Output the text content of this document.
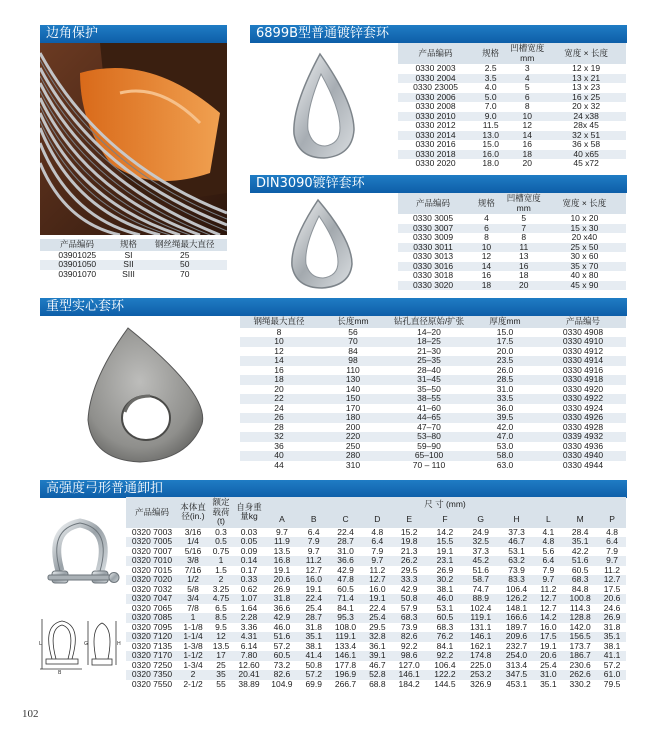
边角保护
产品编码	规格	钢丝绳最大直径
03901025	SI	25
03901050	SII	50
03901070	SIII	70
6899B型普通镀锌套环
产品编码	规格	凹槽宽度mm	宽度 × 长度
0330 2003	2.5	3	12 x 19
0330 2004	3.5	4	13 x 21
0330 23005	4.0	5	13 x 23
0330 2006	5.0	6	16 x 25
0330 2008	7.0	8	20 x 32
0330 2010	9.0	10	24 x38
0330 2012	11.5	12	28x 45
0330 2014	13.0	14	32 x 51
0330 2016	15.0	16	36 x 58
0330 2018	16.0	18	40 x65
0330 2020	18.0	20	45 x72
DIN3090镀锌套环
产品编码	规格	凹槽宽度mm	宽度 × 长度
0330 3005	4	5	10 x 20
0330 3007	6	7	15 x 30
0330 3009	8	8	20 x40
0330 3011	10	11	25 x 50
0330 3013	12	13	30 x 60
0330 3016	14	16	35 x 70
0330 3018	16	18	40 x 80
0330 3020	18	20	45 x 90
重型实心套环
钢绳最大直径	长度mm	钻孔直径原始/扩张	厚度mm	产品编号
8	56	14–20	15.0	0330 4908
10	70	18–25	17.5	0330 4910
12	84	21–30	20.0	0330 4912
14	98	25–35	23.5	0330 4914
16	110	28–40	26.0	0330 4916
18	130	31–45	28.5	0330 4918
20	140	35–50	31.0	0330 4920
22	150	38–55	33.5	0330 4922
24	170	41–60	36.0	0330 4924
26	180	44–65	39.5	0330 4926
28	200	47–70	42.0	0330 4928
32	220	53–80	47.0	0339 4932
36	250	59–90	53.0	0330 4936
40	280	65–100	58.0	0330 4940
44	310	70 – 110	63.0	0330 4944
高强度弓形普通卸扣
L
B
G	H
产品编码	本体直径(in.)	额定载荷(t)	自身重量kg	尺 寸 (mm)										
				A	B	C	D	E	F	G	H	L	M	P
0320 7003	3/16	0.3	0.03	9.7	6.4	22.4	4.8	15.2	14.2	24.9	37.3	4.1	28.4	4.8
0320 7005	1/4	0.5	0.05	11.9	7.9	28.7	6.4	19.8	15.5	32.5	46.7	4.8	35.1	6.4
0320 7007	5/16	0.75	0.09	13.5	9.7	31.0	7.9	21.3	19.1	37.3	53.1	5.6	42.2	7.9
0320 7010	3/8	1	0.14	16.8	11.2	36.6	9.7	26.2	23.1	45.2	63.2	6.4	51.6	9.7
0320 7015	7/16	1.5	0.17	19.1	12.7	42.9	11.2	29.5	26.9	51.6	73.9	7.9	60.5	11.2
0320 7020	1/2	2	0.33	20.6	16.0	47.8	12.7	33.3	30.2	58.7	83.3	9.7	68.3	12.7
0320 7032	5/8	3.25	0.62	26.9	19.1	60.5	16.0	42.9	38.1	74.7	106.4	11.2	84.8	17.5
0320 7047	3/4	4.75	1.07	31.8	22.4	71.4	19.1	50.8	46.0	88.9	126.2	12.7	100.8	20.6
0320 7065	7/8	6.5	1.64	36.6	25.4	84.1	22.4	57.9	53.1	102.4	148.1	12.7	114.3	24.6
0320 7085	1	8.5	2.28	42.9	28.7	95.3	25.4	68.3	60.5	119.1	166.6	14.2	128.8	26.9
0320 7095	1-1/8	9.5	3.36	46.0	31.8	108.0	29.5	73.9	68.3	131.1	189.7	16.0	142.0	31.8
0320 7120	1-1/4	12	4.31	51.6	35.1	119.1	32.8	82.6	76.2	146.1	209.6	17.5	156.5	35.1
0320 7135	1-3/8	13.5	6.14	57.2	38.1	133.4	36.1	92.2	84.1	162.1	232.7	19.1	173.7	38.1
0320 7170	1-1/2	17	7.80	60.5	41.4	146.1	39.1	98.6	92.2	174.8	254.0	20.6	186.7	41.1
0320 7250	1-3/4	25	12.60	73.2	50.8	177.8	46.7	127.0	106.4	225.0	313.4	25.4	230.6	57.2
0320 7350	2	35	20.41	82.6	57.2	196.9	52.8	146.1	122.2	253.2	347.5	31.0	262.6	61.0
0320 7550	2-1/2	55	38.89	104.9	69.9	266.7	68.8	184.2	144.5	326.9	453.1	35.1	330.2	79.5
102
